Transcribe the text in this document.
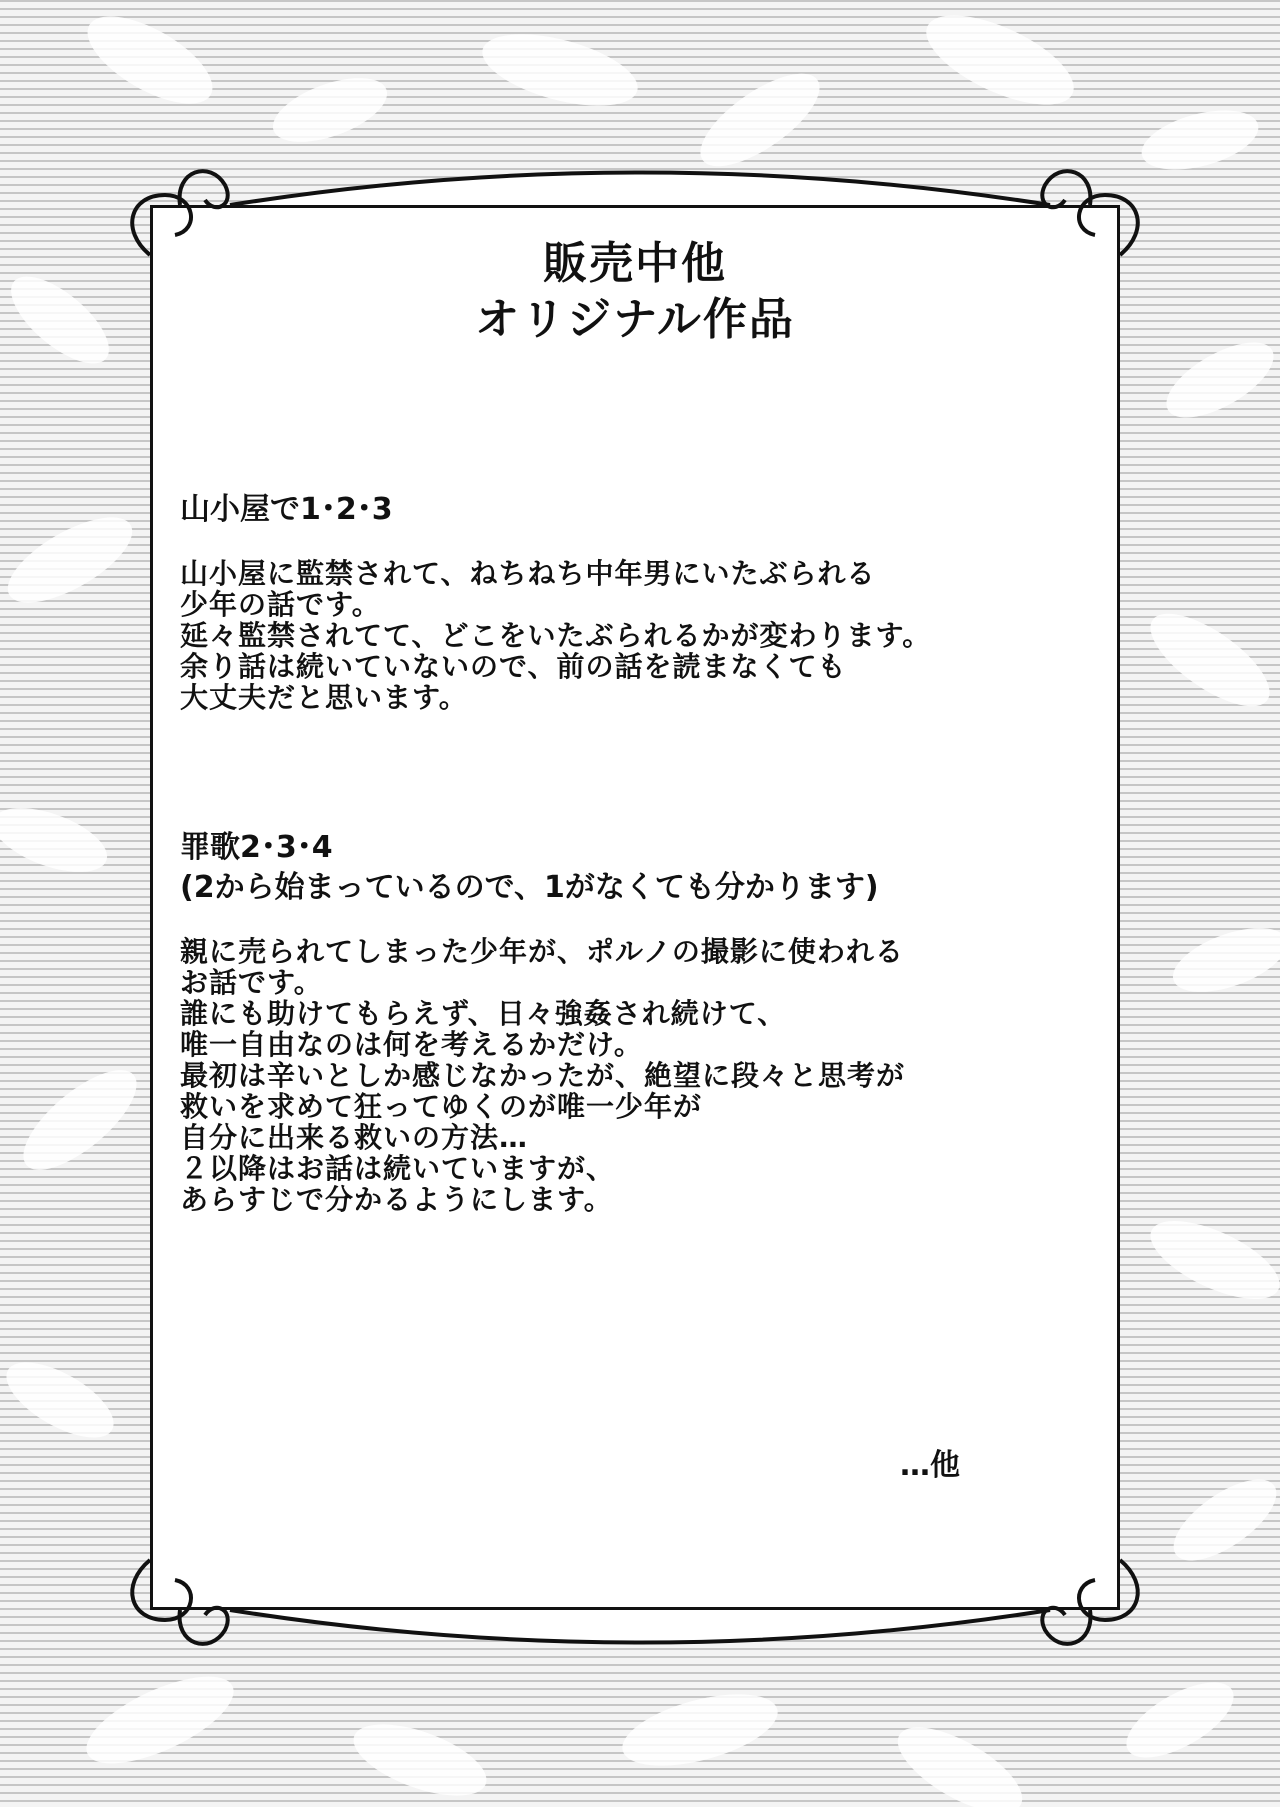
販売中他
オリジナル作品
山小屋で1･2･3
山小屋に監禁されて、ねちねち中年男にいたぶられる
少年の話です。
延々監禁されてて、どこをいたぶられるかが変わります。
余り話は続いていないので、前の話を読まなくても
大丈夫だと思います。
罪歌2･3･4
(2から始まっているので、1がなくても分かります)
親に売られてしまった少年が、ポルノの撮影に使われる
お話です。
誰にも助けてもらえず、日々強姦され続けて、
唯一自由なのは何を考えるかだけ。
最初は辛いとしか感じなかったが、絶望に段々と思考が
救いを求めて狂ってゆくのが唯一少年が
自分に出来る救いの方法…
２以降はお話は続いていますが、
あらすじで分かるようにします。
…他
